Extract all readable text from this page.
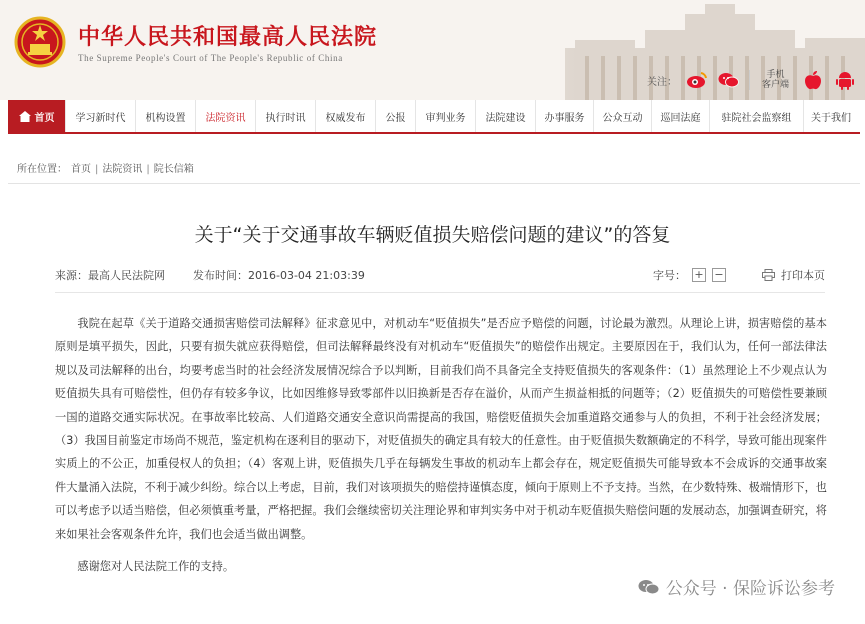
中华人民共和国最高人民法院
The Supreme People's Court of The People's Republic of China
关注：
手机
客户端
首页	学习新时代	机构设置	法院资讯	执行时讯	权威发布	公报	审判业务	法院建设	办事服务	公众互动	巡回法庭	驻院社会监察组	关于我们
所在位置： 首页 | 法院资讯 | 院长信箱
关于“关于交通事故车辆贬值损失赔偿问题的建议”的答复
来源：最高人民法院网	发布时间：2016-03-04 21:03:39	字号： + −	打印本页

我院在起草《关于道路交通损害赔偿司法解释》征求意见中，对机动车“贬值损失”是否应予赔偿的问题，讨论最为激烈。从理论上讲，损害赔偿的基本原则是填平损失，因此，只要有损失就应获得赔偿，但司法解释最终没有对机动车“贬值损失”的赔偿作出规定。主要原因在于，我们认为，任何一部法律法规以及司法解释的出台，均要考虑当时的社会经济发展情况综合予以判断，目前我们尚不具备完全支持贬值损失的客观条件：（1）虽然理论上不少观点认为贬值损失具有可赔偿性，但仍存有较多争议，比如因维修导致零部件以旧换新是否存在溢价，从而产生损益相抵的问题等；（2）贬值损失的可赔偿性要兼顾一国的道路交通实际状况。在事故率比较高、人们道路交通安全意识尚需提高的我国，赔偿贬值损失会加重道路交通参与人的负担，不利于社会经济发展；（3）我国目前鉴定市场尚不规范，鉴定机构在逐利目的驱动下，对贬值损失的确定具有较大的任意性。由于贬值损失数额确定的不科学，导致可能出现案件实质上的不公正，加重侵权人的负担；（4）客观上讲，贬值损失几乎在每辆发生事故的机动车上都会存在，规定贬值损失可能导致本不会成诉的交通事故案件大量涌入法院，不利于减少纠纷。综合以上考虑，目前，我们对该项损失的赔偿持谨慎态度，倾向于原则上不予支持。当然，在少数特殊、极端情形下，也可以考虑予以适当赔偿，但必须慎重考量，严格把握。我们会继续密切关注理论界和审判实务中对于机动车贬值损失赔偿问题的发展动态，加强调查研究，将来如果社会客观条件允许，我们也会适当做出调整。

感谢您对人民法院工作的支持。

公众号 · 保险诉讼参考
